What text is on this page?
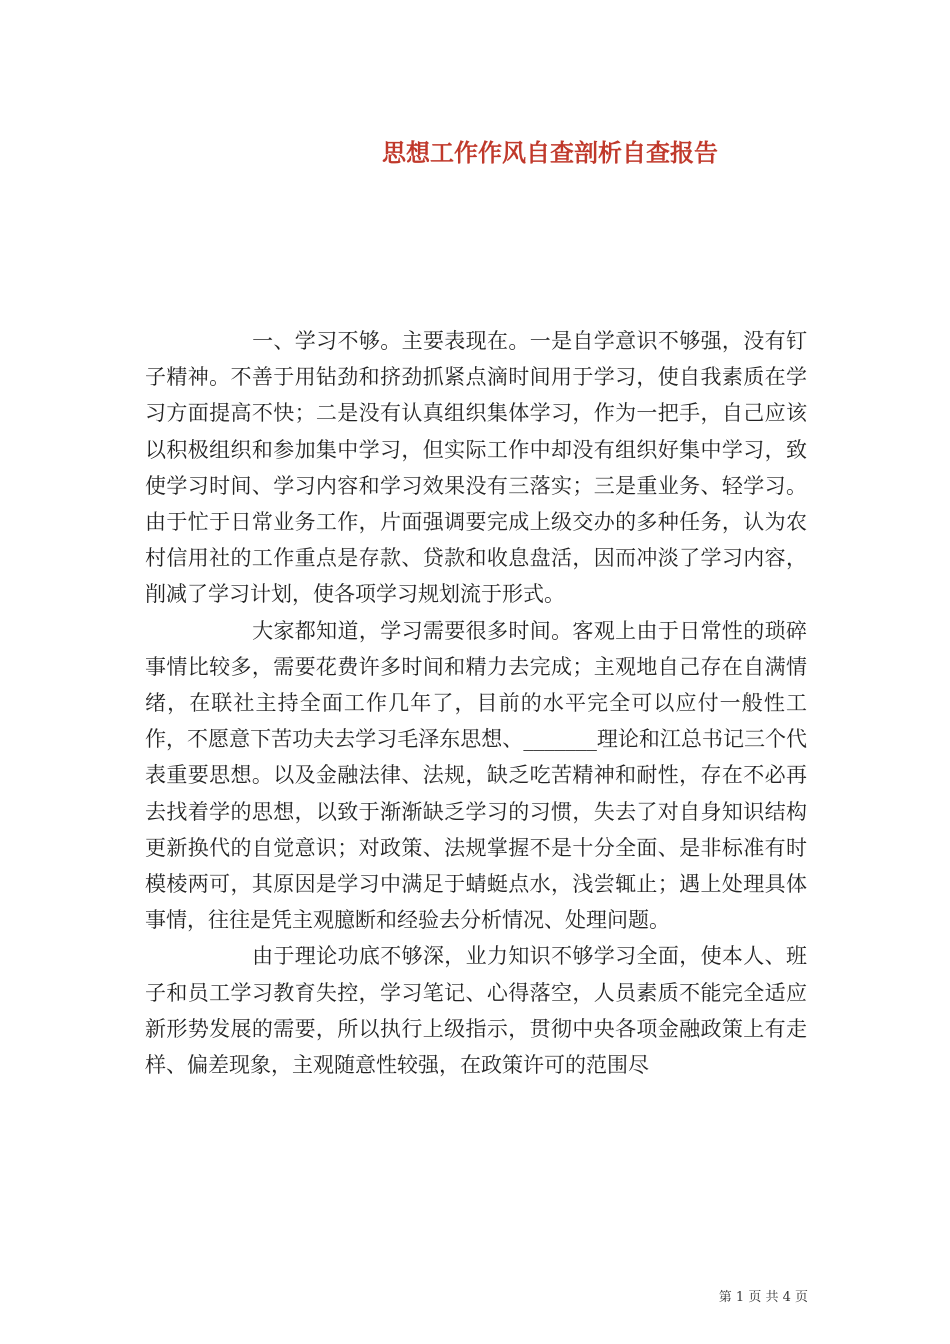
思想工作作风自查剖析自查报告

一、学习不够。主要表现在。一是自学意识不够强，没有钉子精神。不善于用钻劲和挤劲抓紧点滴时间用于学习，使自我素质在学习方面提高不快；二是没有认真组织集体学习，作为一把手，自己应该以积极组织和参加集中学习，但实际工作中却没有组织好集中学习，致使学习时间、学习内容和学习效果没有三落实；三是重业务、轻学习。由于忙于日常业务工作，片面强调要完成上级交办的多种任务，认为农村信用社的工作重点是存款、贷款和收息盘活，因而冲淡了学习内容，削减了学习计划，使各项学习规划流于形式。

大家都知道，学习需要很多时间。客观上由于日常性的琐碎事情比较多，需要花费许多时间和精力去完成；主观地自己存在自满情绪，在联社主持全面工作几年了，目前的水平完全可以应付一般性工作，不愿意下苦功夫去学习毛泽东思想、_______理论和江总书记三个代表重要思想。以及金融法律、法规，缺乏吃苦精神和耐性，存在不必再去找着学的思想，以致于渐渐缺乏学习的习惯，失去了对自身知识结构更新换代的自觉意识；对政策、法规掌握不是十分全面、是非标准有时模棱两可，其原因是学习中满足于蜻蜓点水，浅尝辄止；遇上处理具体事情，往往是凭主观臆断和经验去分析情况、处理问题。

由于理论功底不够深，业力知识不够学习全面，使本人、班子和员工学习教育失控，学习笔记、心得落空，人员素质不能完全适应新形势发展的需要，所以执行上级指示，贯彻中央各项金融政策上有走样、偏差现象，主观随意性较强，在政策许可的范围尽

第 1 页 共 4 页
